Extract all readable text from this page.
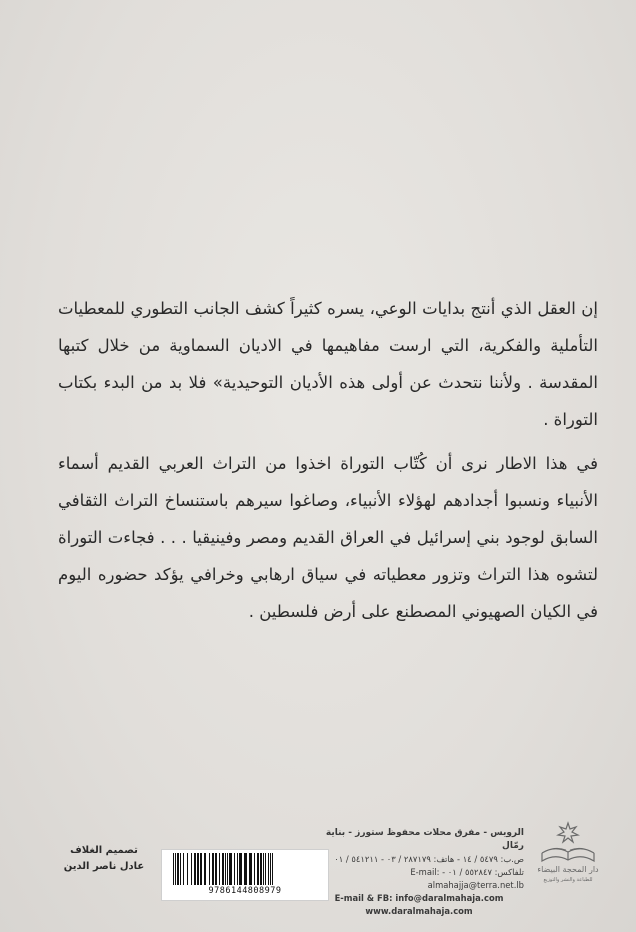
إن العقل الذي أنتج بدايات الوعي، يسره كثيراً كشف الجانب التطوري للمعطيات التأملية والفكرية، التي ارست مفاهيمها في الاديان السماوية من خلال كتبها المقدسة . ولأننا نتحدث عن أولى هذه الأديان التوحيدية» فلا بد من البدء بكتاب التوراة .

في هذا الاطار نرى أن كُتّاب التوراة اخذوا من التراث العربي القديم أسماء الأنبياء ونسبوا أجدادهم لهؤلاء الأنبياء، وصاغوا سيرهم باستنساخ التراث الثقافي السابق لوجود بني إسرائيل في العراق القديم ومصر وفينيقيا . . . فجاءت التوراة لتشوه هذا التراث وتزور معطياته في سياق ارهابي وخرافي يؤكد حضوره اليوم في الكيان الصهيوني المصطنع على أرض فلسطين .

دار المحجة البيضاء
للطباعة والنشر والتوزيع
الرويس - مفرق محلات محفوظ ستورز - بناية رمّال
ص.ب: ٥٤٧٩ / ١٤ - هاتف: ٢٨٧١٧٩ / ٠٣ - ٥٤١٢١١ / ٠١
تلفاكس: ٥٥٢٨٤٧ / ٠١ - E-mail: almahajja@terra.net.lb
E-mail & FB: info@daralmahaja.com
www.daralmahaja.com
9786144808979
تصميم الغلاف
عادل ناصر الدين
